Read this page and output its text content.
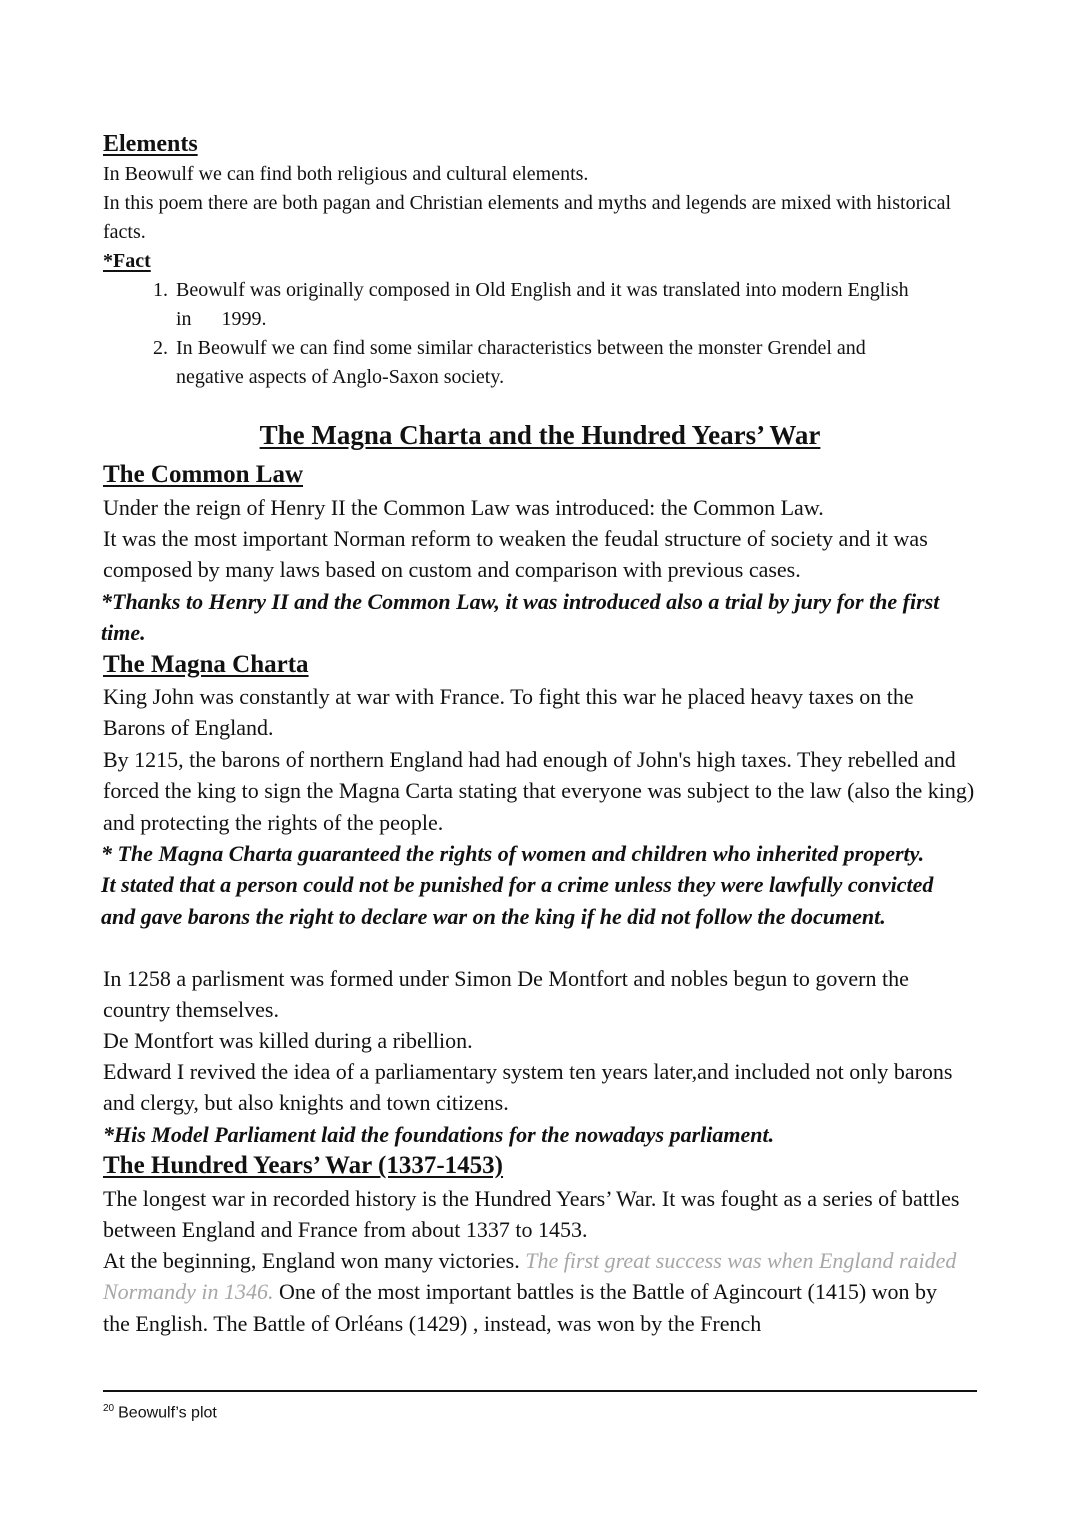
Elements
In Beowulf we can find both religious and cultural elements.
In this poem there are both pagan and Christian elements and myths and legends are mixed with historical facts.
*Fact
1. Beowulf was originally composed in Old English and it was translated into modern English
in      1999.
2. In Beowulf we can find some similar characteristics between the monster Grendel and
negative aspects of Anglo-Saxon society.
The Magna Charta and the Hundred Years’ War
The Common Law
Under the reign of Henry II the Common Law was introduced: the Common Law.
It was the most important Norman reform to weaken the feudal structure of society and it was composed by many laws based on custom and comparison with previous cases.
*Thanks to Henry II and the Common Law, it was introduced also a trial by jury for the first time.
The Magna Charta
King John was constantly at war with France. To fight this war he placed heavy taxes on the Barons of England.
By 1215, the barons of northern England had had enough of John's high taxes. They rebelled and forced the king to sign the Magna Carta stating that everyone was subject to the law (also the king) and protecting the rights of the people.
* The Magna Charta guaranteed the rights of women and children who inherited property. It stated that a person could not be punished for a crime unless they were lawfully convicted and gave barons the right to declare war on the king if he did not follow the document.
In 1258 a parlisment was formed under Simon De Montfort and nobles begun to govern the country themselves.
De Montfort was killed during a ribellion.
Edward I revived the idea of a parliamentary system ten years later,and included not only barons and clergy, but also knights and town citizens.
*His Model Parliament laid the foundations for the nowadays parliament.
The Hundred Years’ War (1337-1453)
The longest war in recorded history is the Hundred Years’ War. It was fought as a series of battles between England and France from about 1337 to 1453.
At the beginning, England won many victories. The first great success was when England raided Normandy in 1346. One of the most important battles is the Battle of Agincourt (1415) won by the English. The Battle of Orléans (1429) , instead, was won by the French
$^{20}$ Beowulf’s plot
